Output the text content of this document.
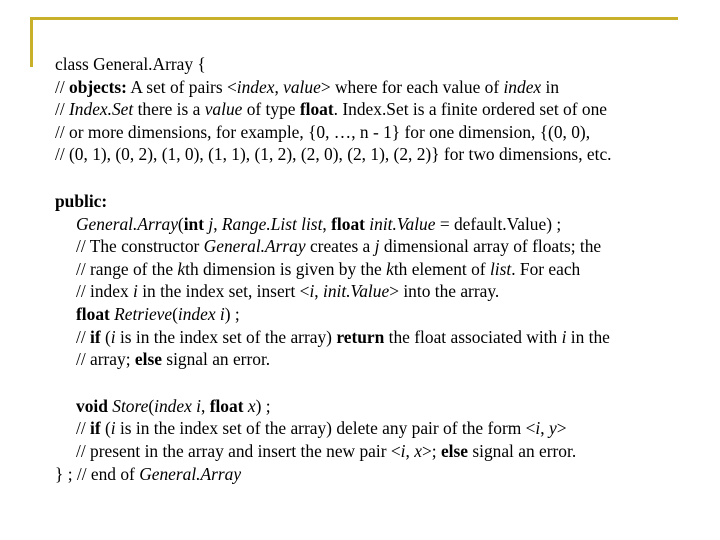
class General.Array {
// objects: A set of pairs <index, value> where for each value of index in
// Index.Set there is a value of type float. Index.Set is a finite ordered set of one
// or more dimensions, for example, {0, …, n - 1} for one dimension, {(0, 0),
// (0, 1), (0, 2), (1, 0), (1, 1), (1, 2), (2, 0), (2, 1), (2, 2)} for two dimensions, etc.
public:
General.Array(int j, Range.List list, float init.Value = default.Value) ;
// The constructor General.Array creates a j dimensional array of floats; the
// range of the kth dimension is given by the kth element of list. For each
// index i in the index set, insert <i, init.Value> into the array.
float Retrieve(index i) ;
// if (i is in the index set of the array) return the float associated with i in the
// array; else signal an error.
void Store(index i, float x) ;
// if (i is in the index set of the array) delete any pair of the form <i, y>
// present in the array and insert the new pair <i, x>; else signal an error.
} ; // end of General.Array
